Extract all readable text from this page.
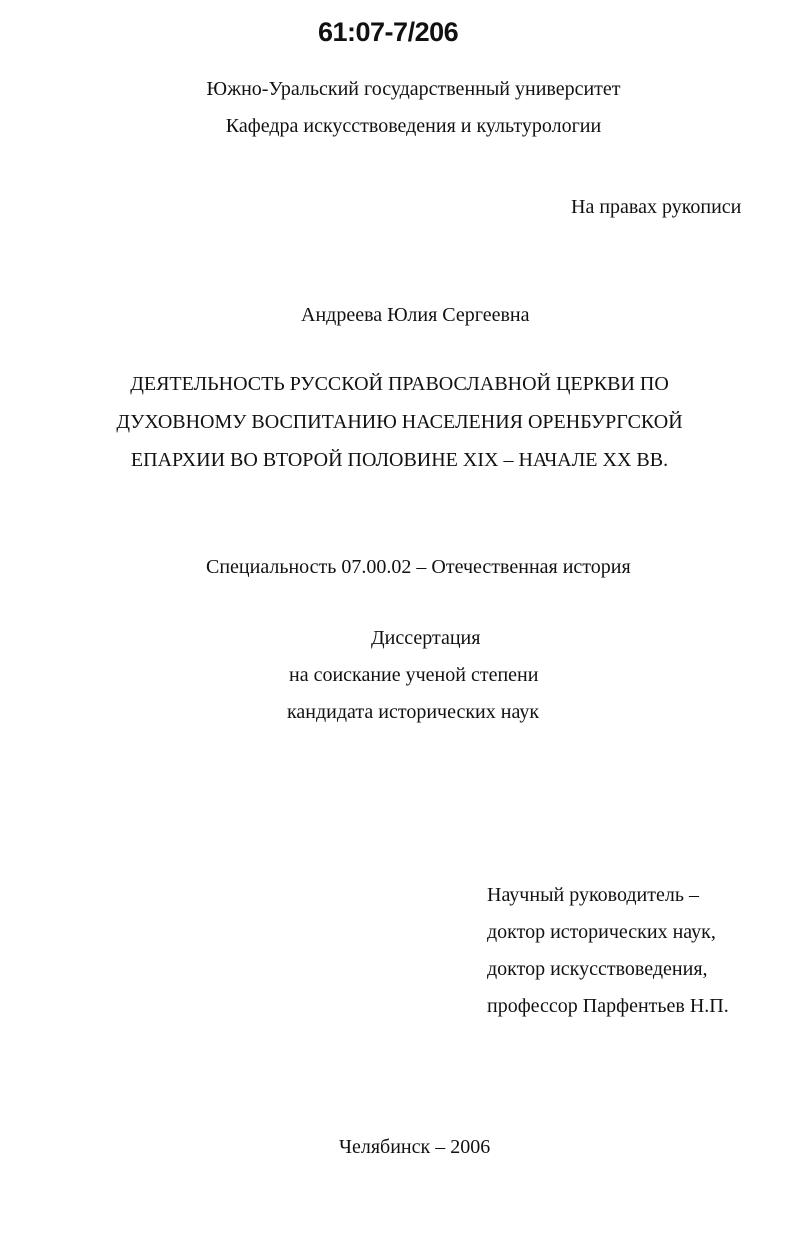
61:07-7/206
Южно-Уральский государственный университет
Кафедра искусствоведения и культурологии
На правах рукописи
Андреева Юлия Сергеевна
ДЕЯТЕЛЬНОСТЬ РУССКОЙ ПРАВОСЛАВНОЙ ЦЕРКВИ ПО
ДУХОВНОМУ ВОСПИТАНИЮ НАСЕЛЕНИЯ ОРЕНБУРГСКОЙ
ЕПАРХИИ ВО ВТОРОЙ ПОЛОВИНЕ XIX – НАЧАЛЕ XX ВВ.
Специальность 07.00.02 – Отечественная история
Диссертация
на соискание ученой степени
кандидата исторических наук
Научный руководитель –
доктор исторических наук,
доктор искусствоведения,
профессор Парфентьев Н.П.
Челябинск – 2006
